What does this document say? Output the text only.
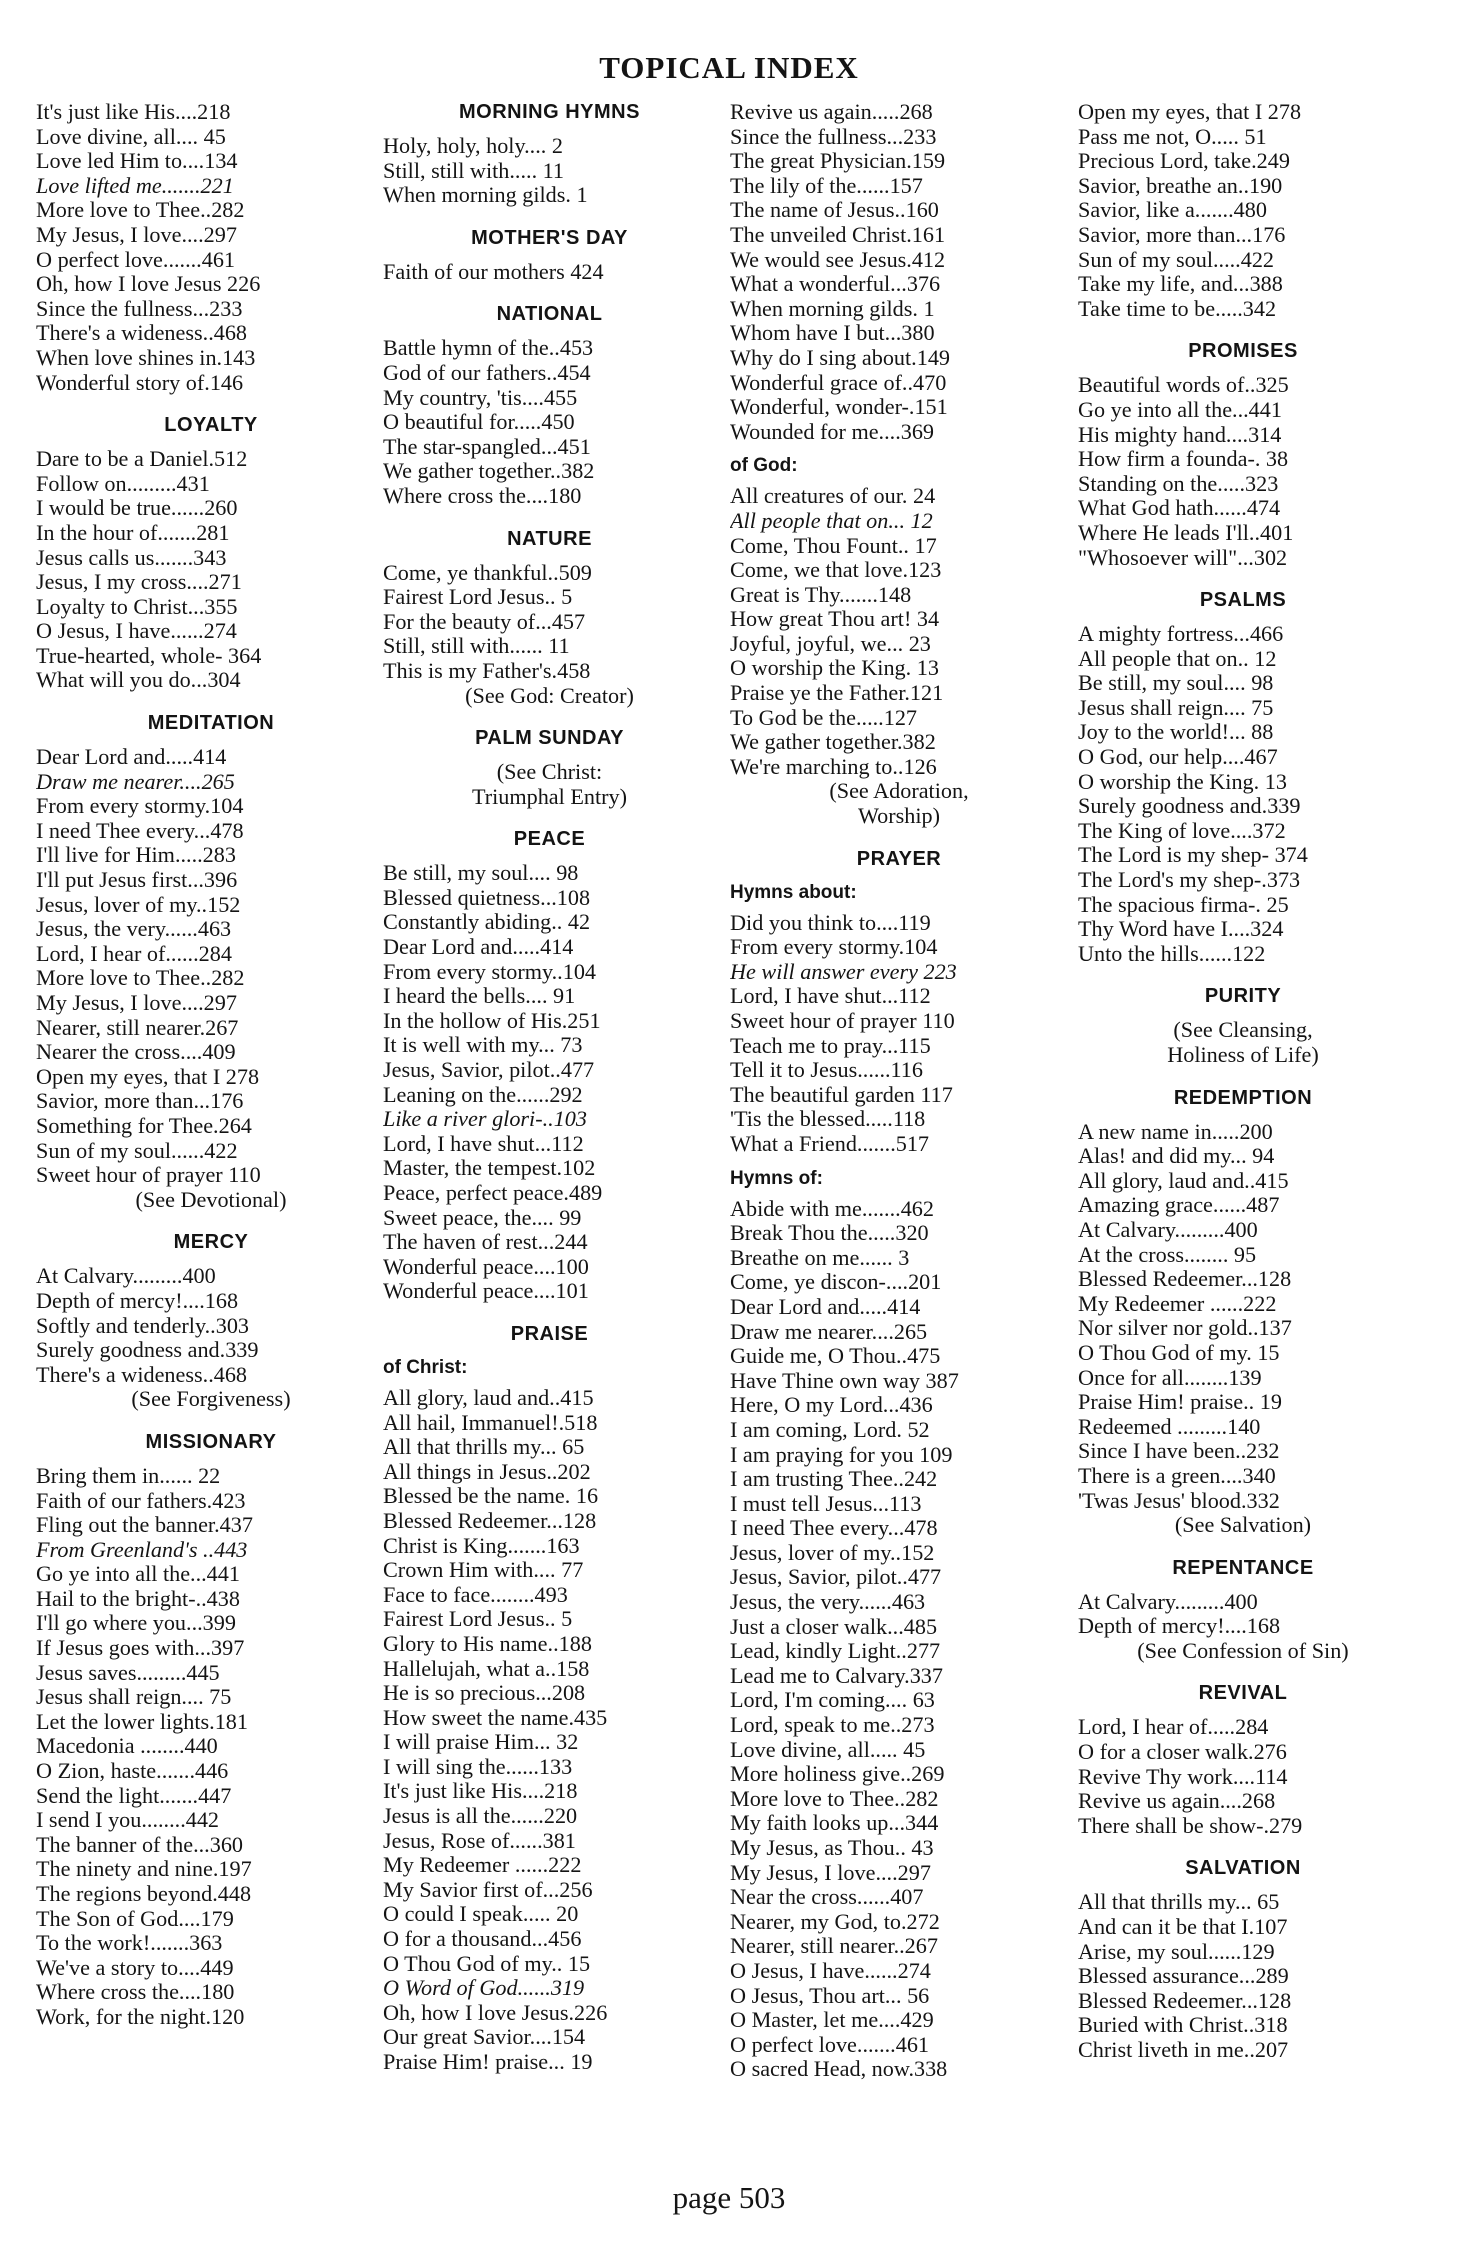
TOPICAL INDEX
It's just like His....218
Love divine, all.... 45
Love led Him to....134
Love lifted me.......221
More love to Thee..282
My Jesus, I love....297
O perfect love.......461
Oh, how I love Jesus 226
Since the fullness...233
There's a wideness..468
When love shines in.143
Wonderful story of.146
LOYALTY
Dare to be a Daniel.512
Follow on.........431
I would be true......260
In the hour of.......281
Jesus calls us.......343
Jesus, I my cross....271
Loyalty to Christ...355
O Jesus, I have......274
True-hearted, whole- 364
What will you do...304
MEDITATION
Dear Lord and.....414
Draw me nearer....265
From every stormy.104
I need Thee every...478
I'll live for Him.....283
I'll put Jesus first...396
Jesus, lover of my..152
Jesus, the very......463
Lord, I hear of......284
More love to Thee..282
My Jesus, I love....297
Nearer, still nearer.267
Nearer the cross....409
Open my eyes, that I 278
Savior, more than...176
Something for Thee.264
Sun of my soul......422
Sweet hour of prayer 110
(See Devotional)
MERCY
At Calvary.........400
Depth of mercy!....168
Softly and tenderly..303
Surely goodness and.339
There's a wideness..468
(See Forgiveness)
MISSIONARY
Bring them in...... 22
Faith of our fathers.423
Fling out the banner.437
From Greenland's ..443
Go ye into all the...441
Hail to the bright-..438
I'll go where you...399
If Jesus goes with...397
Jesus saves.........445
Jesus shall reign.... 75
Let the lower lights.181
Macedonia ........440
O Zion, haste.......446
Send the light.......447
I send I you........442
The banner of the...360
The ninety and nine.197
The regions beyond.448
The Son of God....179
To the work!.......363
We've a story to....449
Where cross the....180
Work, for the night.120
MORNING HYMNS
Holy, holy, holy.... 2
Still, still with..... 11
When morning gilds. 1
MOTHER'S DAY
Faith of our mothers 424
NATIONAL
Battle hymn of the..453
God of our fathers..454
My country, 'tis....455
O beautiful for.....450
The star-spangled...451
We gather together..382
Where cross the....180
NATURE
Come, ye thankful..509
Fairest Lord Jesus.. 5
For the beauty of...457
Still, still with...... 11
This is my Father's.458
(See God: Creator)
PALM SUNDAY
(See Christ:
Triumphal Entry)
PEACE
Be still, my soul.... 98
Blessed quietness...108
Constantly abiding.. 42
Dear Lord and.....414
From every stormy..104
I heard the bells.... 91
In the hollow of His.251
It is well with my... 73
Jesus, Savior, pilot..477
Leaning on the......292
Like a river glori-..103
Lord, I have shut...112
Master, the tempest.102
Peace, perfect peace.489
Sweet peace, the.... 99
The haven of rest...244
Wonderful peace....100
Wonderful peace....101
PRAISE
of Christ:
All glory, laud and..415
All hail, Immanuel!.518
All that thrills my... 65
All things in Jesus..202
Blessed be the name. 16
Blessed Redeemer...128
Christ is King.......163
Crown Him with.... 77
Face to face........493
Fairest Lord Jesus.. 5
Glory to His name..188
Hallelujah, what a..158
He is so precious...208
How sweet the name.435
I will praise Him... 32
I will sing the......133
It's just like His....218
Jesus is all the......220
Jesus, Rose of......381
My Redeemer ......222
My Savior first of...256
O could I speak..... 20
O for a thousand...456
O Thou God of my.. 15
O Word of God......319
Oh, how I love Jesus.226
Our great Savior....154
Praise Him! praise... 19
Revive us again.....268
Since the fullness...233
The great Physician.159
The lily of the......157
The name of Jesus..160
The unveiled Christ.161
We would see Jesus.412
What a wonderful...376
When morning gilds. 1
Whom have I but...380
Why do I sing about.149
Wonderful grace of..470
Wonderful, wonder-.151
Wounded for me....369
of God:
All creatures of our. 24
All people that on... 12
Come, Thou Fount.. 17
Come, we that love.123
Great is Thy.......148
How great Thou art! 34
Joyful, joyful, we... 23
O worship the King. 13
Praise ye the Father.121
To God be the.....127
We gather together.382
We're marching to..126
(See Adoration,
Worship)
PRAYER
Hymns about:
Did you think to....119
From every stormy.104
He will answer every 223
Lord, I have shut...112
Sweet hour of prayer 110
Teach me to pray...115
Tell it to Jesus......116
The beautiful garden 117
'Tis the blessed.....118
What a Friend.......517
Hymns of:
Abide with me.......462
Break Thou the.....320
Breathe on me...... 3
Come, ye discon-....201
Dear Lord and.....414
Draw me nearer....265
Guide me, O Thou..475
Have Thine own way 387
Here, O my Lord...436
I am coming, Lord. 52
I am praying for you 109
I am trusting Thee..242
I must tell Jesus...113
I need Thee every...478
Jesus, lover of my..152
Jesus, Savior, pilot..477
Jesus, the very......463
Just a closer walk...485
Lead, kindly Light..277
Lead me to Calvary.337
Lord, I'm coming.... 63
Lord, speak to me..273
Love divine, all..... 45
More holiness give..269
More love to Thee..282
My faith looks up...344
My Jesus, as Thou.. 43
My Jesus, I love....297
Near the cross......407
Nearer, my God, to.272
Nearer, still nearer..267
O Jesus, I have......274
O Jesus, Thou art... 56
O Master, let me....429
O perfect love.......461
O sacred Head, now.338
Open my eyes, that I 278
Pass me not, O..... 51
Precious Lord, take.249
Savior, breathe an..190
Savior, like a.......480
Savior, more than...176
Sun of my soul.....422
Take my life, and...388
Take time to be.....342
PROMISES
Beautiful words of..325
Go ye into all the...441
His mighty hand....314
How firm a founda-. 38
Standing on the.....323
What God hath......474
Where He leads I'll..401
"Whosoever will"...302
PSALMS
A mighty fortress...466
All people that on.. 12
Be still, my soul.... 98
Jesus shall reign.... 75
Joy to the world!... 88
O God, our help....467
O worship the King. 13
Surely goodness and.339
The King of love....372
The Lord is my shep- 374
The Lord's my shep-.373
The spacious firma-. 25
Thy Word have I....324
Unto the hills......122
PURITY
(See Cleansing,
Holiness of Life)
REDEMPTION
A new name in.....200
Alas! and did my... 94
All glory, laud and..415
Amazing grace......487
At Calvary.........400
At the cross........ 95
Blessed Redeemer...128
My Redeemer ......222
Nor silver nor gold..137
O Thou God of my. 15
Once for all........139
Praise Him! praise.. 19
Redeemed .........140
Since I have been..232
There is a green....340
'Twas Jesus' blood.332
(See Salvation)
REPENTANCE
At Calvary.........400
Depth of mercy!....168
(See Confession of Sin)
REVIVAL
Lord, I hear of.....284
O for a closer walk.276
Revive Thy work....114
Revive us again....268
There shall be show-.279
SALVATION
All that thrills my... 65
And can it be that I.107
Arise, my soul......129
Blessed assurance...289
Blessed Redeemer...128
Buried with Christ..318
Christ liveth in me..207
page 503
